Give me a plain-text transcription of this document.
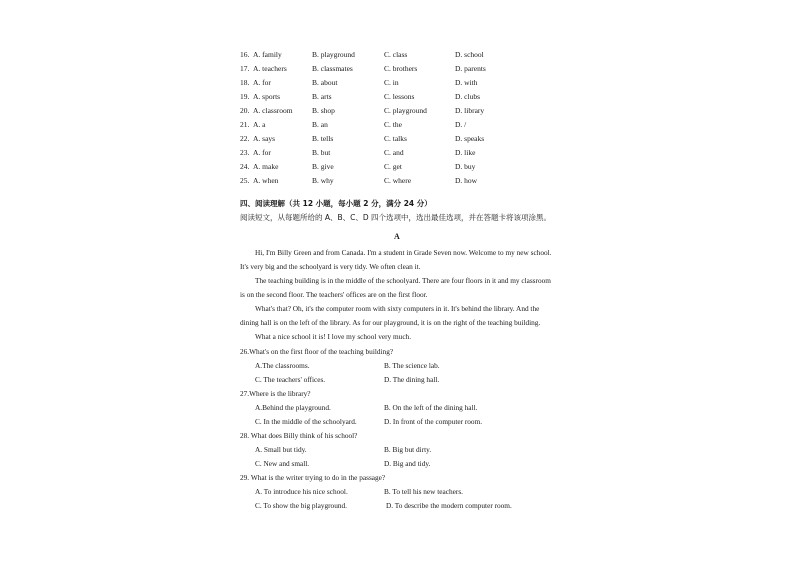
16. A. family	B. playground	C. class	D. school
17. A. teachers	B. classmates	C. brothers	D. parents
18. A. for	B. about	C. in	D. with
19. A. sports	B. arts	C. lessons	D. clubs
20. A. classroom	B. shop	C. playground	D. library
21. A. a	B. an	C. the	D. /
22. A. says	B. tells	C. talks	D. speaks
23. A. for	B. but	C. and	D. like
24. A. make	B. give	C. get	D. buy
25. A. when	B. why	C. where	D. how
四、阅读理解（共 12 小题，每小题 2 分，满分 24 分）
阅读短文，从每题所给的 A、B、C、D 四个选项中，选出最佳选项，并在答题卡将该项涂黑。
A
Hi, I'm Billy Green and from Canada. I'm a student in Grade Seven now. Welcome to my new school.
It's very big and the schoolyard is very tidy. We often clean it.
The teaching building is in the middle of the schoolyard. There are four floors in it and my classroom
is on the second floor. The teachers' offices are on the first floor.
What's that? Oh, it's the computer room with sixty computers in it. It's behind the library. And the
dining hall is on the left of the library. As for our playground, it is on the right of the teaching building.
What a nice school it is! I love my school very much.
26.What's on the first floor of the teaching building?
A.The classrooms.	B. The science lab.
C. The teachers' offices.	D. The dining hall.
27.Where is the library?
A.Behind the playground.	B. On the left of the dining hall.
C. In the middle of the schoolyard.	D. In front of the computer room.
28. What does Billy think of his school?
A. Small but tidy.	B. Big but dirty.
C. New and small.	D. Big and tidy.
29. What is the writer trying to do in the passage?
A. To introduce his nice school.	B. To tell his new teachers.
C. To show the big playground.	D. To describe the modern computer room.
